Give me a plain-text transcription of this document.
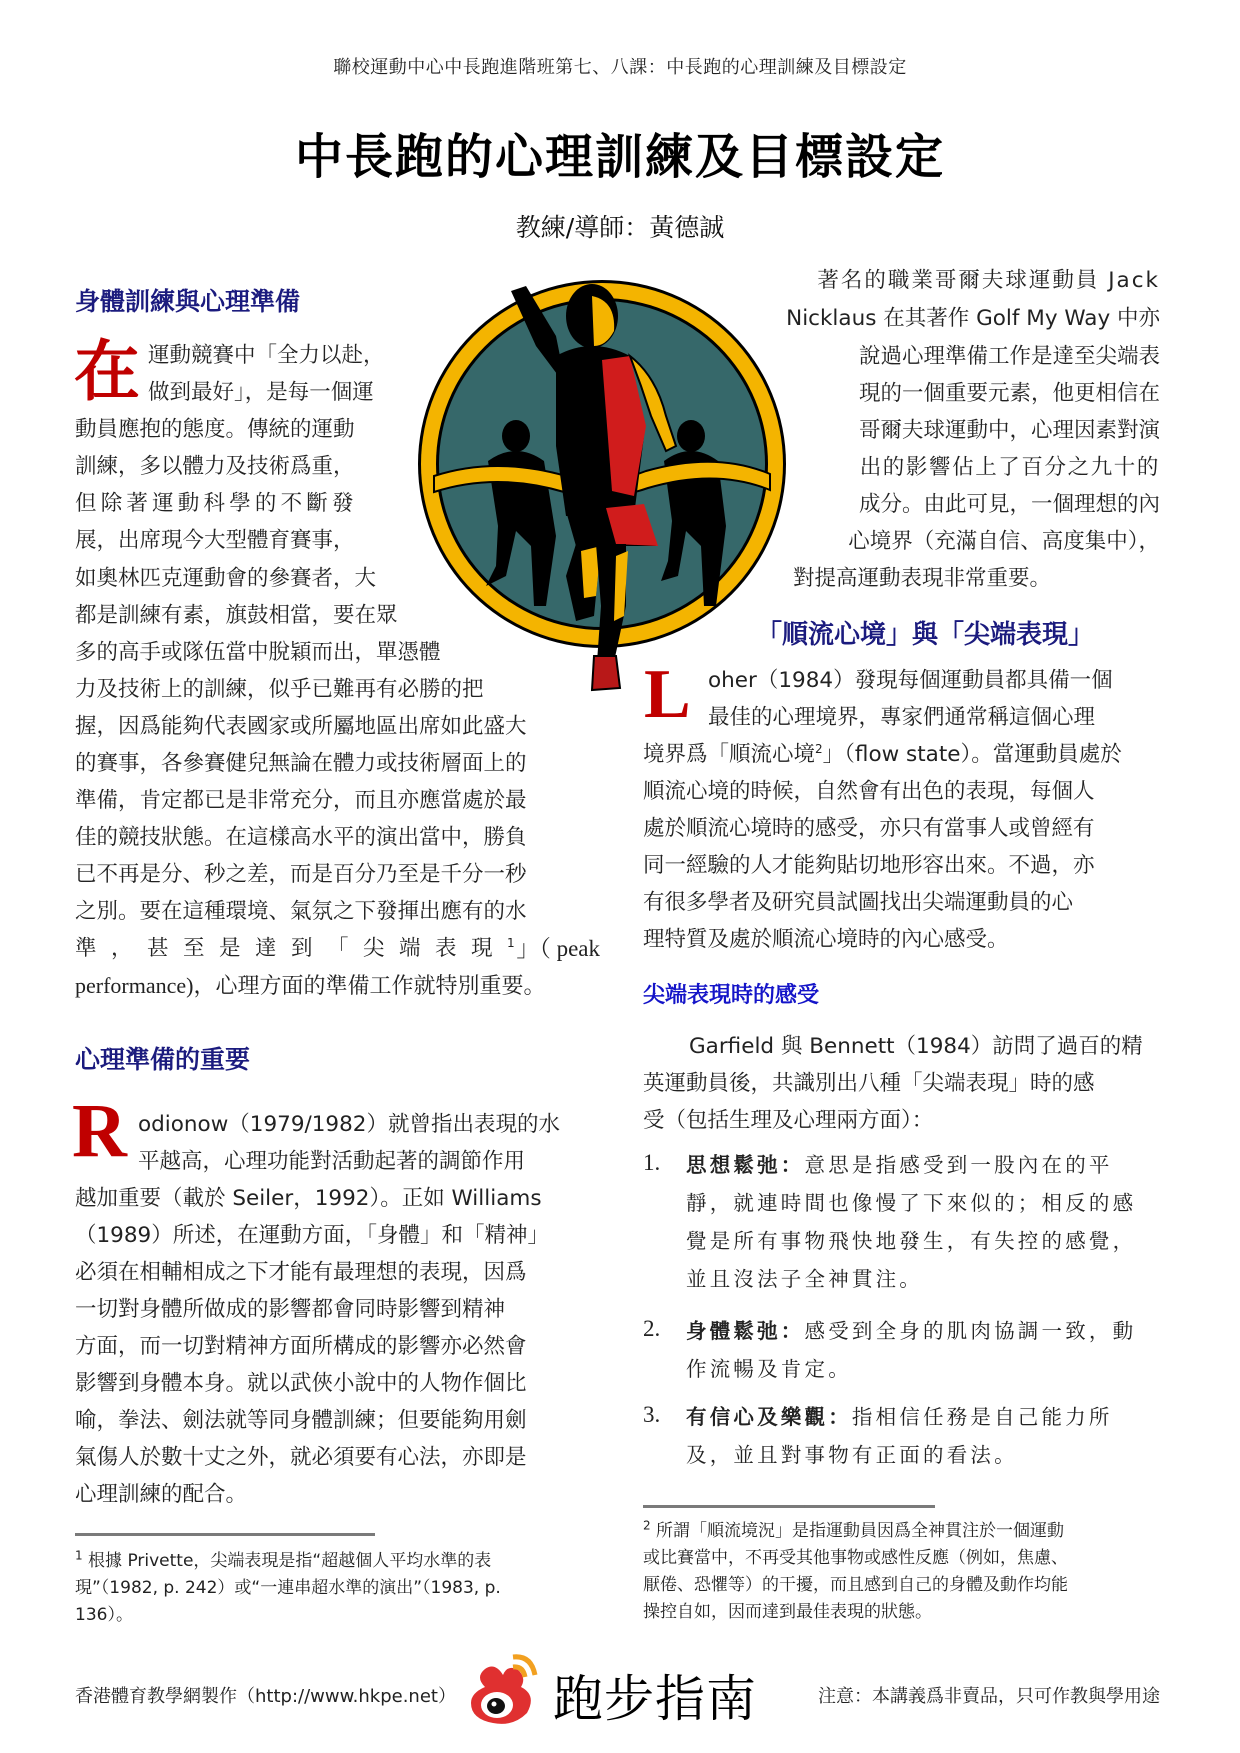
聯校運動中心中長跑進階班第七、八課：中長跑的心理訓練及目標設定
中長跑的心理訓練及目標設定
教練/導師：黃德誠
身體訓練與心理準備
在 運動競賽中「全力以赴，
做到最好」，是每一個運
動員應抱的態度。傳統的運動
訓練，多以體力及技術爲重，
但除著運動科學的不斷發
展，出席現今大型體育賽事，
如奧林匹克運動會的參賽者，大
都是訓練有素，旗鼓相當，要在眾
多的高手或隊伍當中脫穎而出，單憑體
力及技術上的訓練，似乎已難再有必勝的把
握，因爲能夠代表國家或所屬地區出席如此盛大
的賽事，各參賽健兒無論在體力或技術層面上的
準備，肯定都已是非常充分，而且亦應當處於最
佳的競技狀態。在這樣高水平的演出當中，勝負
已不再是分、秒之差，而是百分乃至是千分一秒
之別。要在這種環境、氣氛之下發揮出應有的水
準，甚至是達到「尖端表現$^1$ 」（ peak
performance)，心理方面的準備工作就特別重要。
心理準備的重要
R odionow（1979/1982）就曾指出表現的水
平越高，心理功能對活動起著的調節作用
越加重要（載於 Seiler，1992）。正如 Williams
（1989）所述，在運動方面，「身體」和「精神」
必須在相輔相成之下才能有最理想的表現，因爲
一切對身體所做成的影響都會同時影響到精神
方面，而一切對精神方面所構成的影響亦必然會
影響到身體本身。就以武俠小說中的人物作個比
喻，拳法、劍法就等同身體訓練；但要能夠用劍
氣傷人於數十丈之外，就必須要有心法，亦即是
心理訓練的配合。
$^1$ 根據 Privette，尖端表現是指“超越個人平均水準的表
現”（1982, p. 242）或“一連串超水準的演出”（1983, p.
136）。
著名的職業哥爾夫球運動員 Jack
Nicklaus 在其著作 Golf My Way 中亦
說過心理準備工作是達至尖端表
現的一個重要元素，他更相信在
哥爾夫球運動中，心理因素對演
出的影響佔上了百分之九十的
成分。由此可見，一個理想的內
心境界（充滿自信、高度集中），
對提高運動表現非常重要。
「順流心境」與「尖端表現」
L oher（1984）發現每個運動員都具備一個
最佳的心理境界，專家們通常稱這個心理
境界爲「順流心境$^2$」（flow state）。當運動員處於
順流心境的時候，自然會有出色的表現，每個人
處於順流心境時的感受，亦只有當事人或曾經有
同一經驗的人才能夠貼切地形容出來。不過，亦
有很多學者及研究員試圖找出尖端運動員的心
理特質及處於順流心境時的內心感受。
尖端表現時的感受
Garfield 與 Bennett（1984）訪問了過百的精
英運動員後，共識別出八種「尖端表現」時的感
受（包括生理及心理兩方面）：
1. 思想鬆弛：意思是指感受到一股內在的平
靜，就連時間也像慢了下來似的；相反的感
覺是所有事物飛快地發生，有失控的感覺，
並且沒法子全神貫注。
2. 身體鬆弛：感受到全身的肌肉協調一致，動
作流暢及肯定。
3. 有信心及樂觀：指相信任務是自己能力所
及，並且對事物有正面的看法。
$^2$ 所謂「順流境況」是指運動員因爲全神貫注於一個運動
或比賽當中，不再受其他事物或感性反應（例如，焦慮、
厭倦、恐懼等）的干擾，而且感到自己的身體及動作均能
操控自如，因而達到最佳表現的狀態。
香港體育教學網製作（http://www.hkpe.net） 跑步指南	注意：本講義爲非賣品，只可作教與學用途
